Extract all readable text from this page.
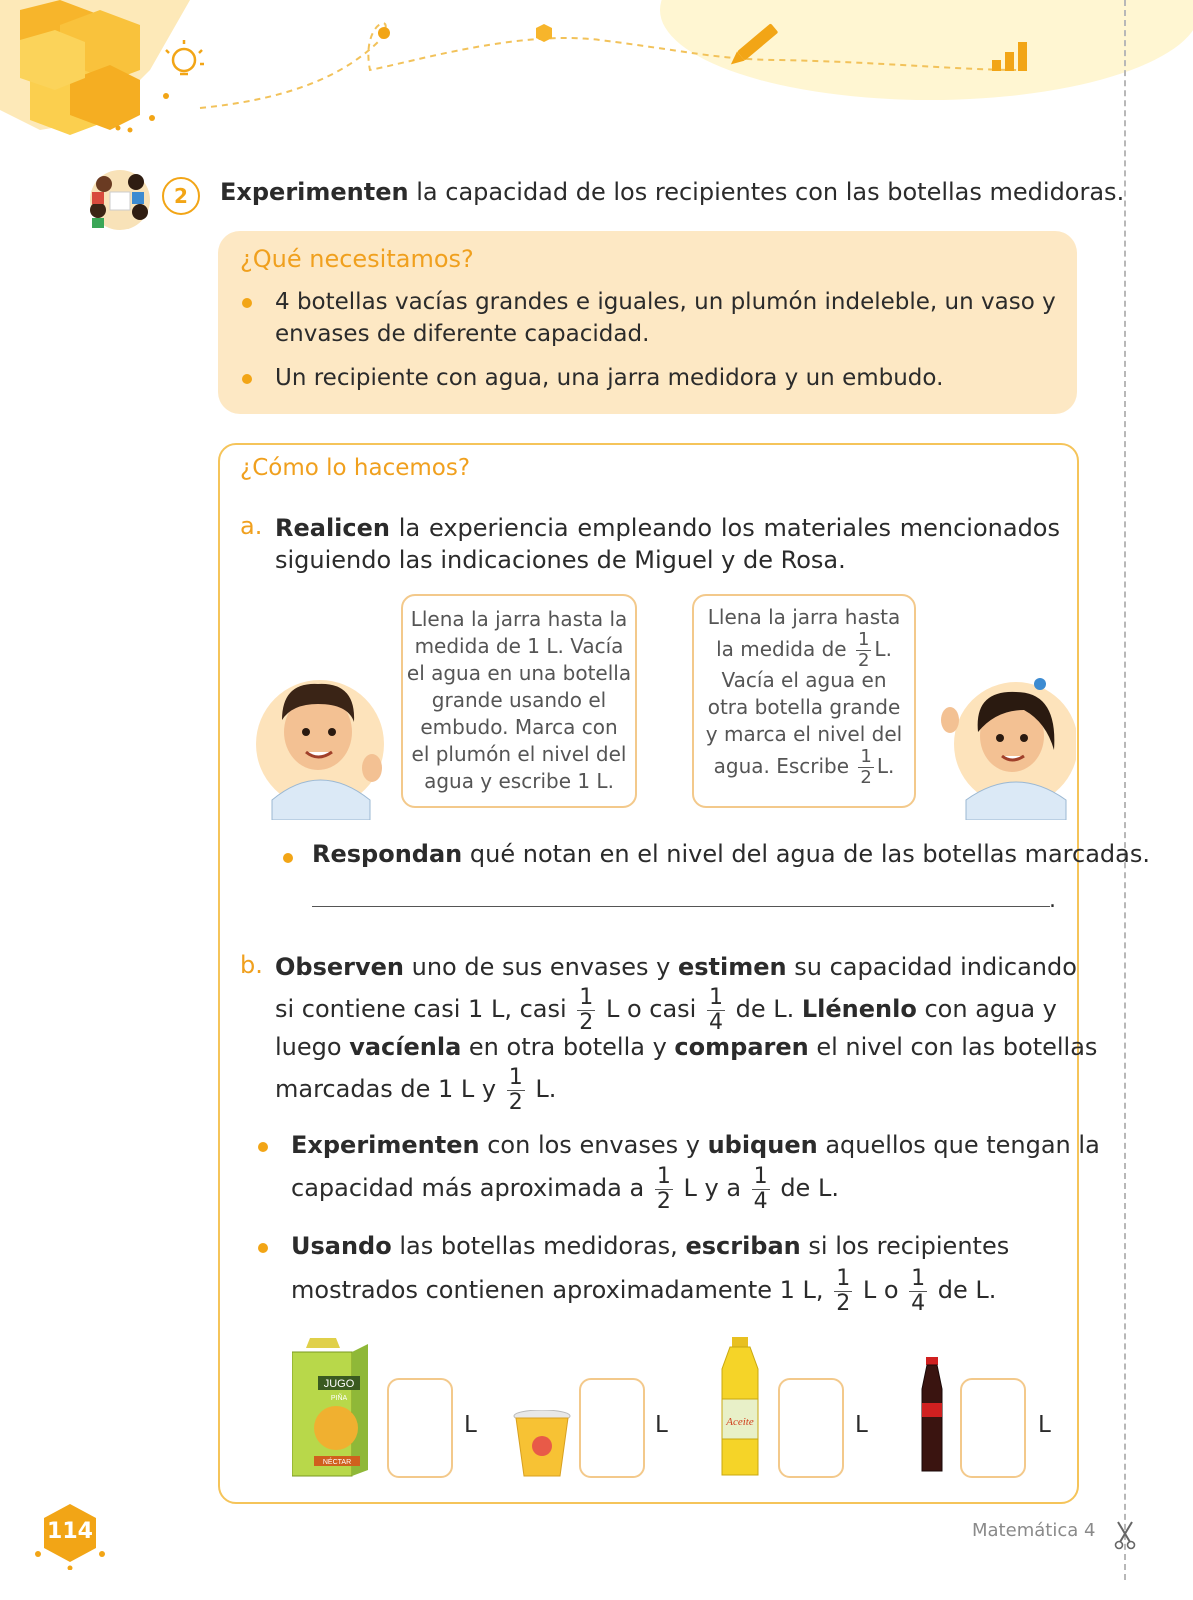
2	Experimenten la capacidad de los recipientes con las botellas medidoras.
¿Qué necesitamos?
4 botellas vacías grandes e iguales, un plumón indeleble, un vaso y
envases de diferente capacidad.
Un recipiente con agua, una jarra medidora y un embudo.
¿Cómo lo hacemos?
a. Realicen la experiencia empleando los materiales mencionados
siguiendo las indicaciones de Miguel y de Rosa.
Llena la jarra hasta la
medida de 1 L. Vacía
el agua en una botella
grande usando el
embudo. Marca con
el plumón el nivel del
agua y escribe 1 L.
Llena la jarra hasta
la medida de $\frac{1}{2} L$.
Vacía el agua en
otra botella grande
y marca el nivel del
agua. Escribe $\frac{1}{2} L$.
Respondan qué notan en el nivel del agua de las botellas marcadas.
.
b. Observen uno de sus envases y estimen su capacidad indicando
si contiene casi 1 L, casi $\frac{1}{2}$ L o casi $\frac{1}{4}$ de L. Llénenlo con agua y
luego vacíenla en otra botella y comparen el nivel con las botellas
marcadas de 1 L y $\frac{1}{2} L$.
Experimenten con los envases y ubiquen aquellos que tengan la
capacidad más aproximada a $\frac{1}{2}$ L y a $\frac{1}{4}$ de L.
Usando las botellas medidoras, escriban si los recipientes
mostrados contienen aproximadamente 1 L, $\frac{1}{2}$ L o $\frac{1}{4}$ de L.
JUGO
PIÑA
NÉCTAR
L	L	Aceite	L	L
114	Matemática 4
